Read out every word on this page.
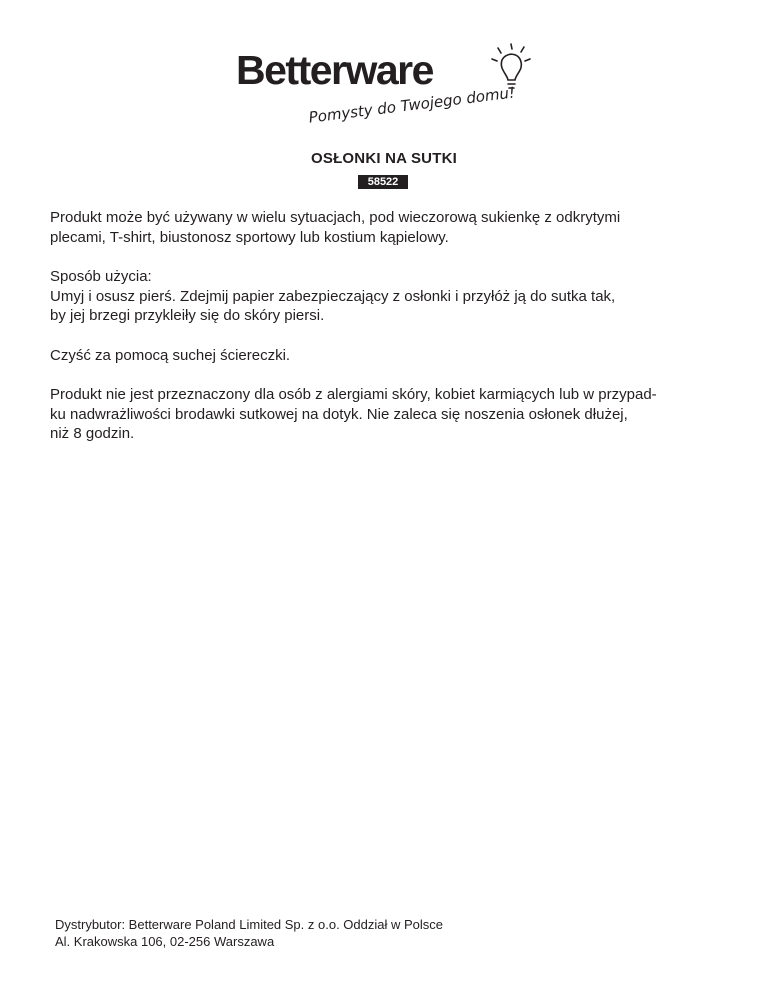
Betterware
Pomysty do Twojego domu!
OSŁONKI NA SUTKI
58522

Produkt może być używany w wielu sytuacjach, pod wieczorową sukienkę z odkrytymi
plecami, T-shirt, biustonosz sportowy lub kostium kąpielowy.

Sposób użycia:
Umyj i osusz pierś. Zdejmij papier zabezpieczający z osłonki i przyłóż ją do sutka tak,
by jej brzegi przykleiły się do skóry piersi.

Czyść za pomocą suchej ściereczki.

Produkt nie jest przeznaczony dla osób z alergiami skóry, kobiet karmiących lub w przypad-
ku nadwrażliwości brodawki sutkowej na dotyk. Nie zaleca się noszenia osłonek dłużej,
niż 8 godzin.

Dystrybutor: Betterware Poland Limited Sp. z o.o. Oddział w Polsce
Al. Krakowska 106, 02-256 Warszawa
